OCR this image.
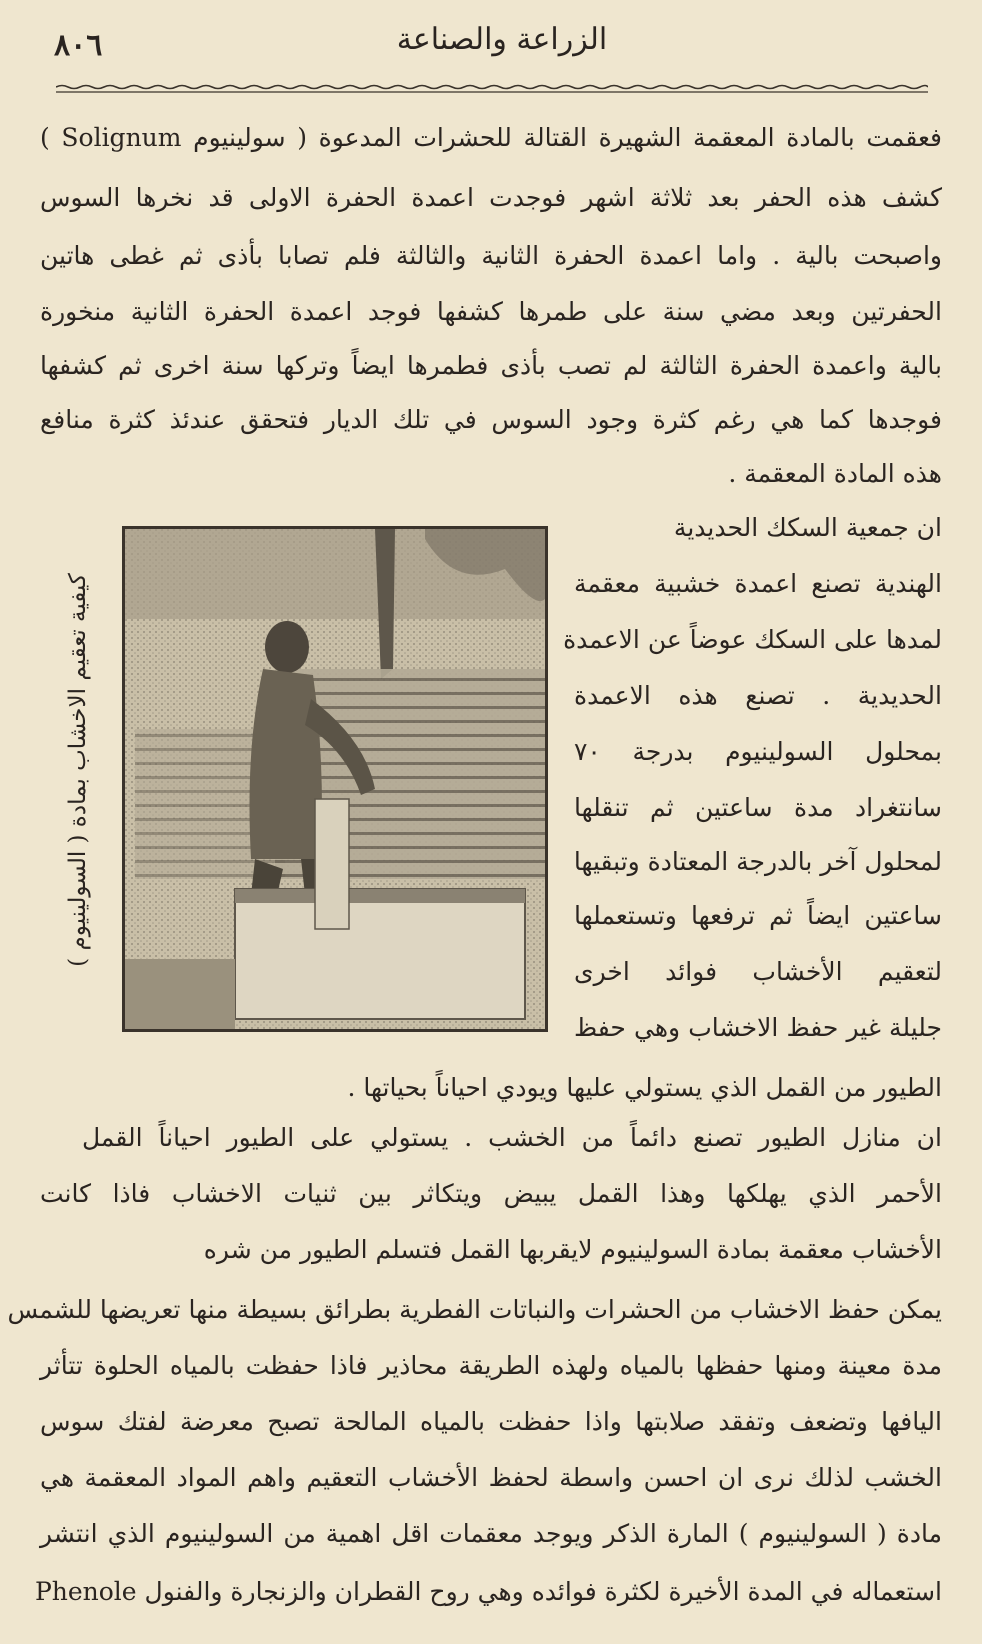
٨٠٦	الزراعة والصناعة
فعقمت بالمادة المعقمة الشهيرة القتالة للحشرات المدعوة ( سولينيوم Solignum )
كشف هذه الحفر بعد ثلاثة اشهر فوجدت اعمدة الحفرة الاولى قد نخرها السوس
واصبحت بالية . واما اعمدة الحفرة الثانية والثالثة فلم تصابا بأذى ثم غطى هاتين
الحفرتين وبعد مضي سنة على طمرها كشفها فوجد اعمدة الحفرة الثانية منخورة
بالية واعمدة الحفرة الثالثة لم تصب بأذى فطمرها ايضاً وتركها سنة اخرى ثم كشفها
فوجدها كما هي رغم كثرة وجود السوس في تلك الديار فتحقق عندئذ كثرة منافع
هذه المادة المعقمة .
ان جمعية السكك الحديدية
الهندية تصنع اعمدة خشبية معقمة
لمدها على السكك عوضاً عن الاعمدة
الحديدية . تصنع هذه الاعمدة
بمحلول السولينيوم بدرجة ٧٠
سانتغراد مدة ساعتين ثم تنقلها
لمحلول آخر بالدرجة المعتادة وتبقيها
ساعتين ايضاً ثم ترفعها وتستعملها
لتعقيم الأخشاب فوائد اخرى
جليلة غير حفظ الاخشاب وهي حفظ
كيفية تعقيم الاخشاب بمادة ( السولينيوم )
الطيور من القمل الذي يستولي عليها ويودي احياناً بحياتها .
ان منازل الطيور تصنع دائماً من الخشب . يستولي على الطيور احياناً القمل
الأحمر الذي يهلكها وهذا القمل يبيض ويتكاثر بين ثنيات الاخشاب فاذا كانت
الأخشاب معقمة بمادة السولينيوم لايقربها القمل فتسلم الطيور من شره
يمكن حفظ الاخشاب من الحشرات والنباتات الفطرية بطرائق بسيطة منها تعريضها للشمس
مدة معينة ومنها حفظها بالمياه ولهذه الطريقة محاذير فاذا حفظت بالمياه الحلوة تتأثر
اليافها وتضعف وتفقد صلابتها واذا حفظت بالمياه المالحة تصبح معرضة لفتك سوس
الخشب لذلك نرى ان احسن واسطة لحفظ الأخشاب التعقيم واهم المواد المعقمة هي
مادة ( السولينيوم ) المارة الذكر ويوجد معقمات اقل اهمية من السولينيوم الذي انتشر
استعماله في المدة الأخيرة لكثرة فوائده وهي روح القطران والزنجارة والفنول Phenole
